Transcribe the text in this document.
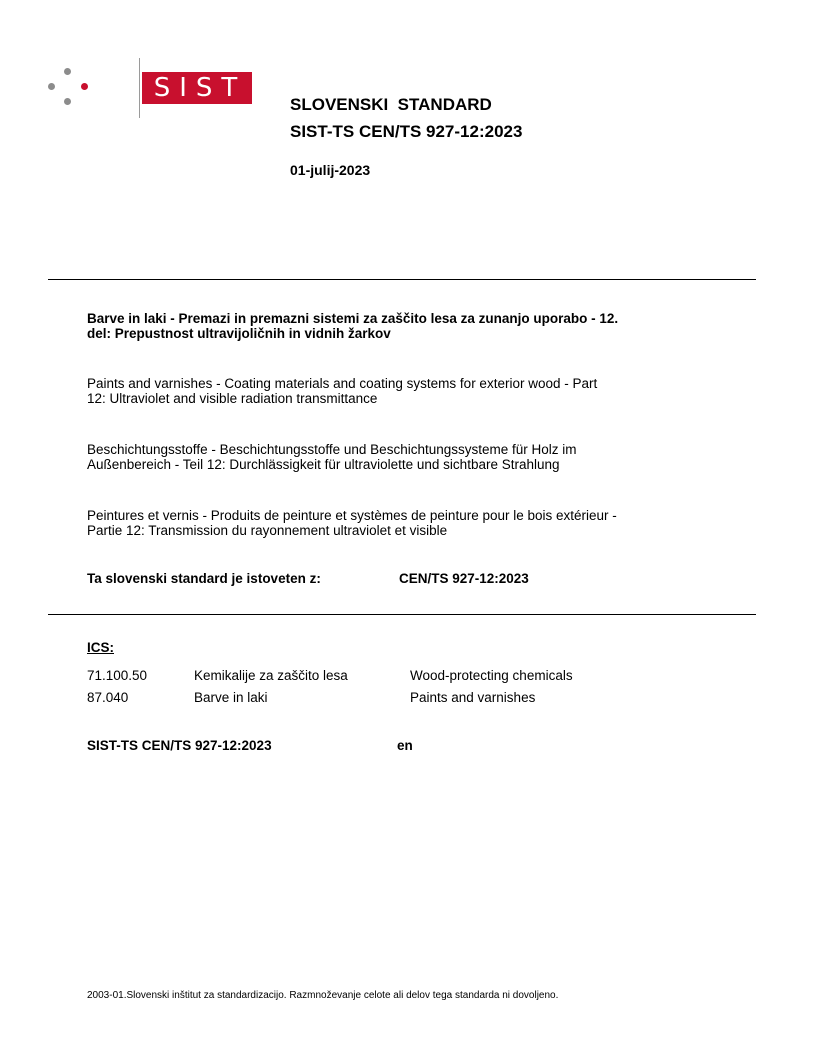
SIST
SLOVENSKI  STANDARD
SIST-TS CEN/TS 927-12:2023
01-julij-2023
Barve in laki - Premazi in premazni sistemi za zaščito lesa za zunanjo uporabo - 12.
del: Prepustnost ultravijoličnih in vidnih žarkov
Paints and varnishes - Coating materials and coating systems for exterior wood - Part
12: Ultraviolet and visible radiation transmittance
Beschichtungsstoffe - Beschichtungsstoffe und Beschichtungssysteme für Holz im
Außenbereich - Teil 12: Durchlässigkeit für ultraviolette und sichtbare Strahlung
Peintures et vernis - Produits de peinture et systèmes de peinture pour le bois extérieur -
Partie 12: Transmission du rayonnement ultraviolet et visible
Ta slovenski standard je istoveten z:	CEN/TS 927-12:2023
ICS:
71.100.50	Kemikalije za zaščito lesa	Wood-protecting chemicals
87.040	Barve in laki	Paints and varnishes
SIST-TS CEN/TS 927-12:2023	en
2003-01.Slovenski inštitut za standardizacijo. Razmnoževanje celote ali delov tega standarda ni dovoljeno.
